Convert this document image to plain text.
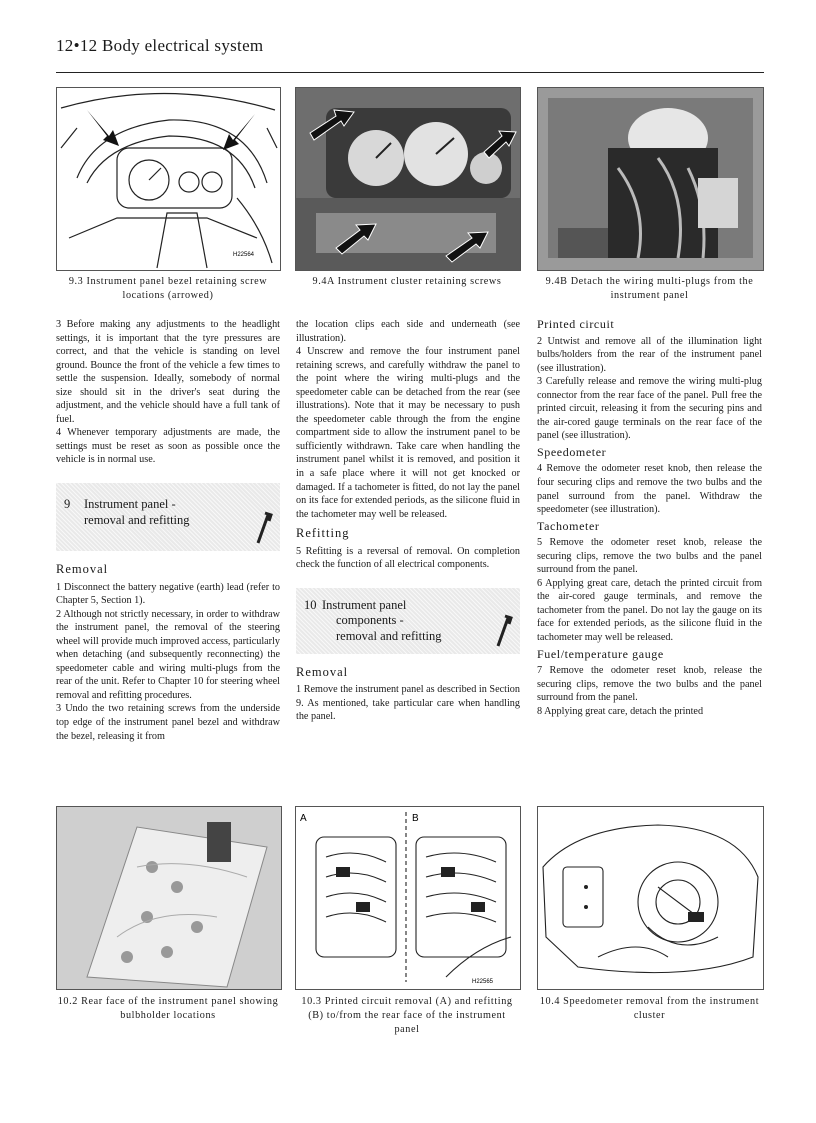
12•12 Body electrical system
H22564
9.3 Instrument panel bezel retaining screw locations (arrowed)
9.4A Instrument cluster retaining screws	9.4B Detach the wiring multi-plugs from the instrument panel

3 Before making any adjustments to the headlight settings, it is important that the tyre pressures are correct, and that the vehicle is standing on level ground. Bounce the front of the vehicle a few times to settle the suspension. Ideally, somebody of normal size should sit in the driver's seat during the adjustment, and the vehicle should have a full tank of fuel.

4 Whenever temporary adjustments are made, the settings must be reset as soon as possible once the vehicle is in normal use.

9 Instrument panel -
removal and refitting
Removal

1 Disconnect the battery negative (earth) lead (refer to Chapter 5, Section 1).

2 Although not strictly necessary, in order to withdraw the instrument panel, the removal of the steering wheel will provide much improved access, particularly when detaching (and subsequently reconnecting) the speedometer cable and wiring multi-plugs from the rear of the unit. Refer to Chapter 10 for steering wheel removal and refitting procedures.

3 Undo the two retaining screws from the underside top edge of the instrument panel bezel and withdraw the bezel, releasing it from

the location clips each side and underneath (see illustration).

4 Unscrew and remove the four instrument panel retaining screws, and carefully withdraw the panel to the point where the wiring multi-plugs and the speedometer cable can be detached from the rear (see illustrations). Note that it may be necessary to push the speedometer cable through the from the engine compartment side to allow the instrument panel to be sufficiently withdrawn. Take care when handling the instrument panel whilst it is removed, and position it in a safe place where it will not get knocked or damaged. If a tachometer is fitted, do not lay the panel on its face for extended periods, as the silicone fluid in the tachometer may well be released.

Refitting

5 Refitting is a reversal of removal. On completion check the function of all electrical components.

10 Instrument panel
components -
removal and refitting
Removal

1 Remove the instrument panel as described in Section 9. As mentioned, take particular care when handling the panel.

Printed circuit

2 Untwist and remove all of the illumination light bulbs/holders from the rear of the instrument panel (see illustration).

3 Carefully release and remove the wiring multi-plug connector from the rear face of the panel. Pull free the printed circuit, releasing it from the securing pins and the air-cored gauge terminals on the rear face of the panel (see illustration).

Speedometer

4 Remove the odometer reset knob, then release the four securing clips and remove the two bulbs and the panel surround from the panel. Withdraw the speedometer (see illustration).

Tachometer

5 Remove the odometer reset knob, release the securing clips, remove the two bulbs and the panel surround from the panel.

6 Applying great care, detach the printed circuit from the air-cored gauge terminals, and remove the tachometer from the panel. Do not lay the gauge on its face for extended periods, as the silicone fluid in the tachometer may well be released.

Fuel/temperature gauge

7 Remove the odometer reset knob, release the securing clips, remove the two bulbs and the panel surround from the panel.

8 Applying great care, detach the printed

10.2 Rear face of the instrument panel showing bulbholder locations
A	B
H22565
10.3 Printed circuit removal (A) and refitting (B) to/from the rear face of the instrument panel
10.4 Speedometer removal from the instrument cluster
